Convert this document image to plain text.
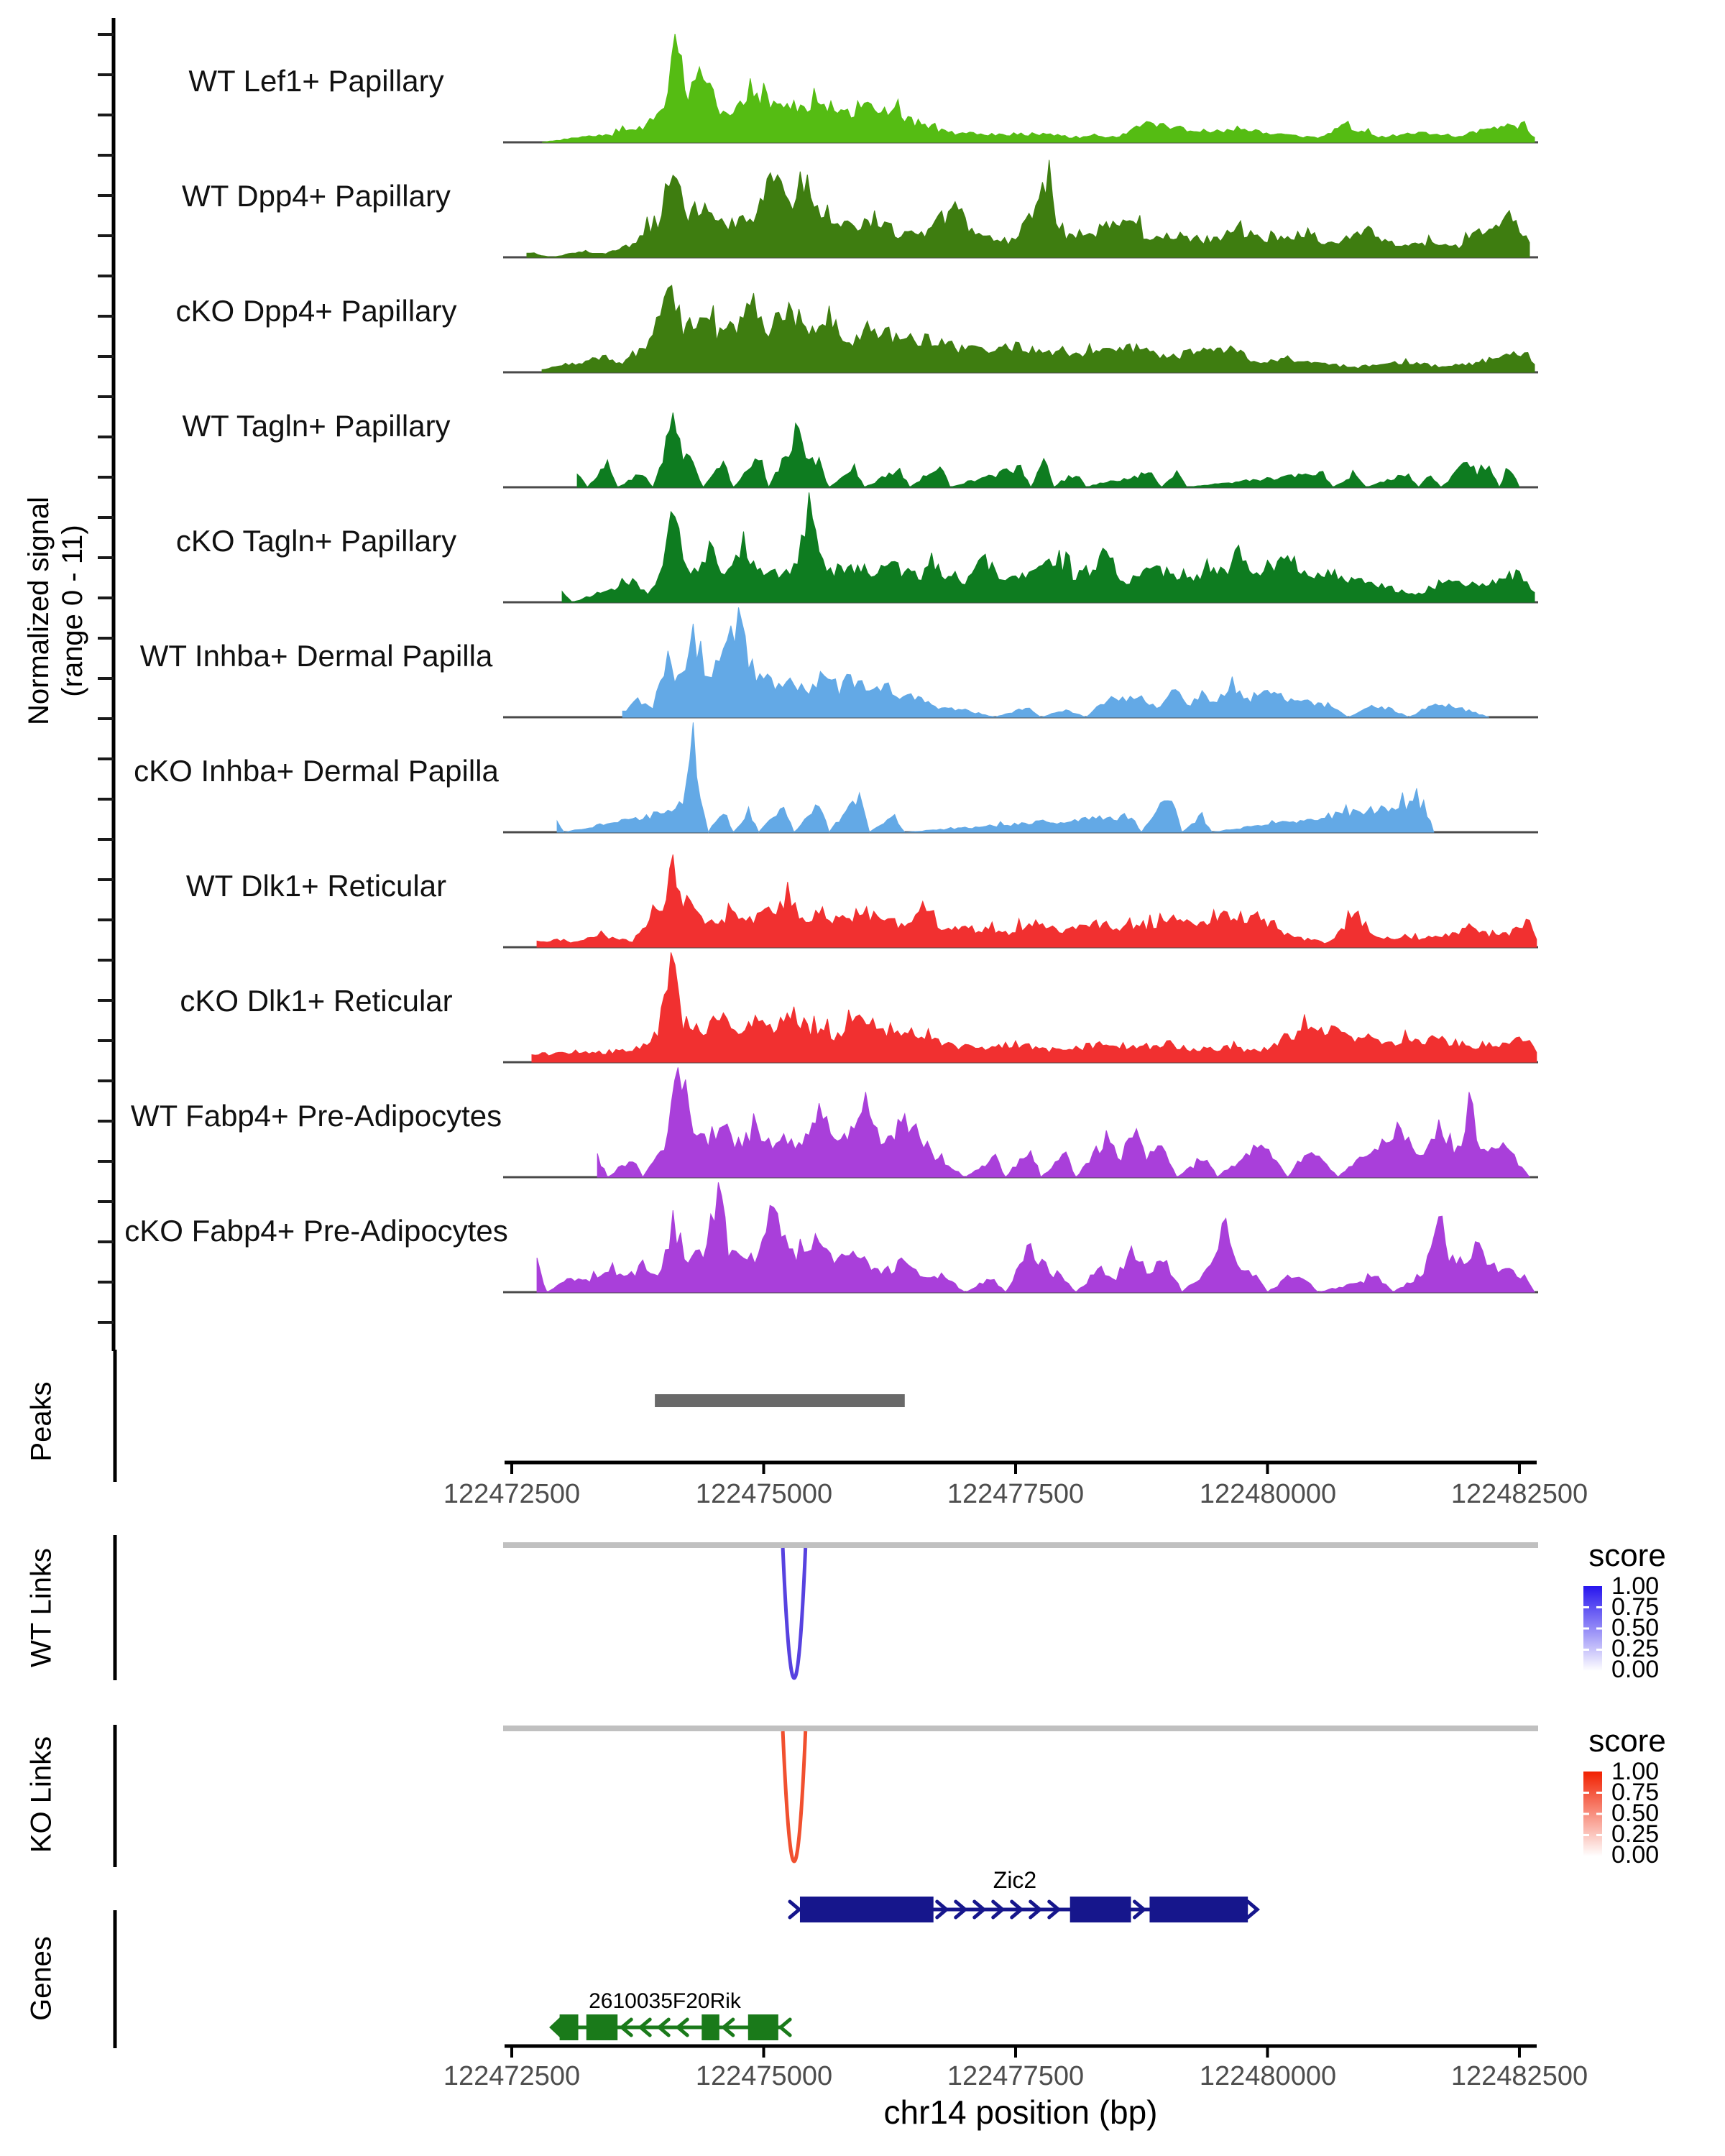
Normalized signal (range 0 - 11)
WT Lef1+ Papillary
WT Dpp4+ Papillary
cKO Dpp4+ Papillary
WT Tagln+ Papillary
cKO Tagln+ Papillary
WT Inhba+ Dermal Papilla
cKO Inhba+ Dermal Papilla
WT Dlk1+ Reticular
cKO Dlk1+ Reticular
WT Fabp4+ Pre-Adipocytes
cKO Fabp4+ Pre-Adipocytes
Peaks
WT Links
KO Links
Genes
122472500	122475000	122477500	122480000	122482500
score
1.00
0.75
0.50
0.25
0.00
score
1.00
0.75
0.50
0.25
0.00
Zic2
2610035F20Rik
122472500	122475000	122477500	122480000	122482500
chr14 position (bp)
